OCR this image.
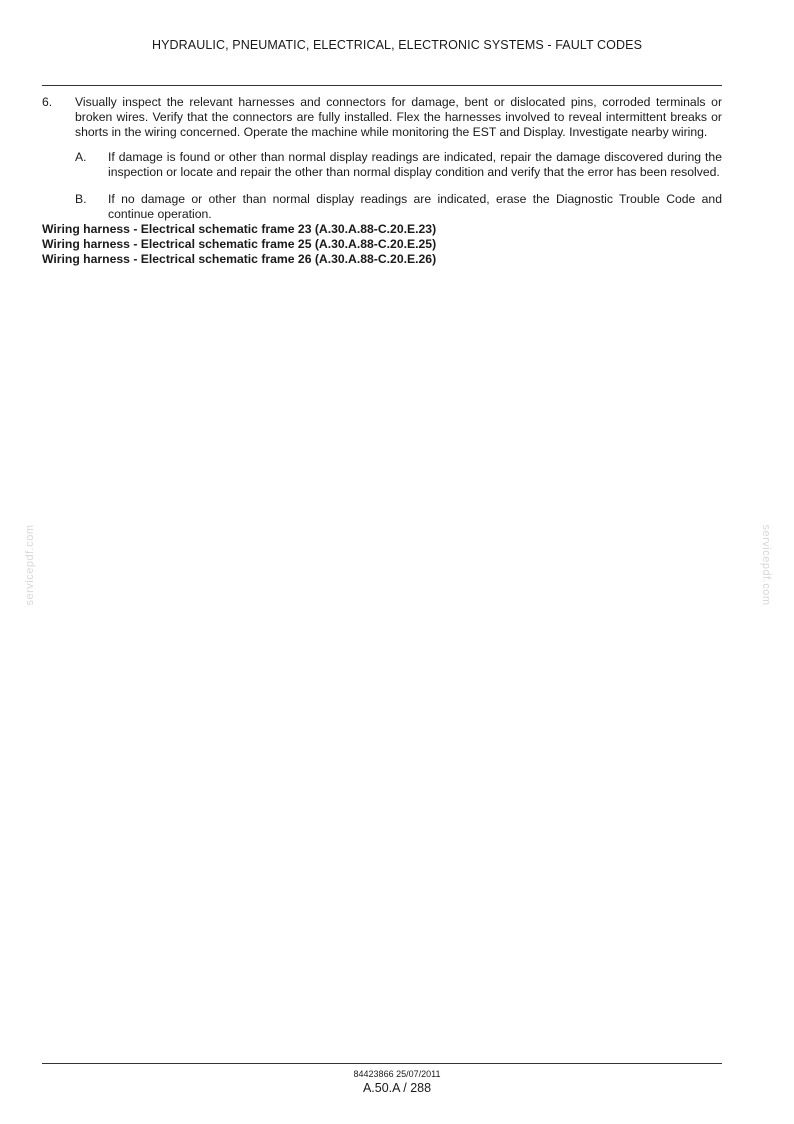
HYDRAULIC, PNEUMATIC, ELECTRICAL, ELECTRONIC SYSTEMS - FAULT CODES
6.	Visually inspect the relevant harnesses and connectors for damage, bent or dislocated pins, corroded terminals or broken wires. Verify that the connectors are fully installed. Flex the harnesses involved to reveal intermittent breaks or shorts in the wiring concerned. Operate the machine while monitoring the EST and Display. Investigate nearby wiring.
A.	If damage is found or other than normal display readings are indicated, repair the damage discovered during the inspection or locate and repair the other than normal display condition and verify that the error has been resolved.
B.	If no damage or other than normal display readings are indicated, erase the Diagnostic Trouble Code and continue operation.
Wiring harness - Electrical schematic frame 23 (A.30.A.88-C.20.E.23)
Wiring harness - Electrical schematic frame 25 (A.30.A.88-C.20.E.25)
Wiring harness - Electrical schematic frame 26 (A.30.A.88-C.20.E.26)
servicepdf.com	servicepdf.com
84423866 25/07/2011
A.50.A / 288
